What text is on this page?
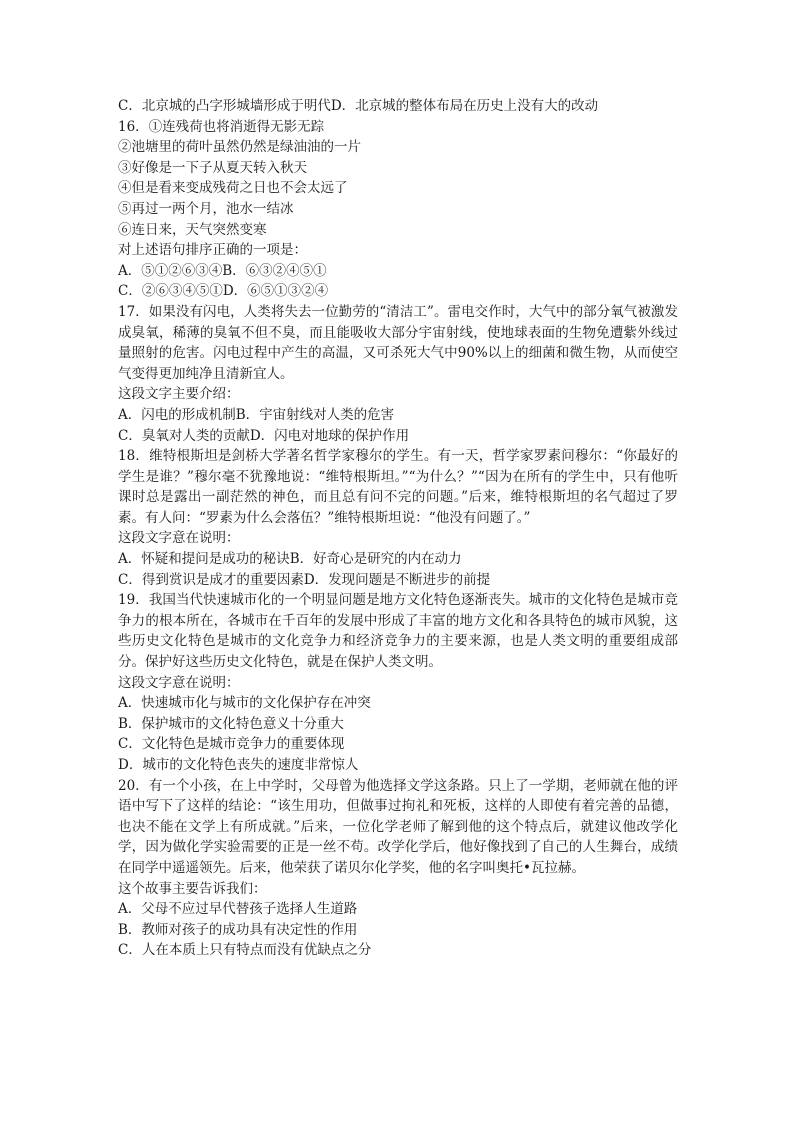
C．北京城的凸字形城墙形成于明代D．北京城的整体布局在历史上没有大的改动
16．①连残荷也将消逝得无影无踪
②池塘里的荷叶虽然仍然是绿油油的一片
③好像是一下子从夏天转入秋天
④但是看来变成残荷之日也不会太远了
⑤再过一两个月，池水一结冰
⑥连日来，天气突然变寒
对上述语句排序正确的一项是：
A．⑤①②⑥③④B．⑥③②④⑤①
C．②⑥③④⑤①D．⑥⑤①③②④
17．如果没有闪电，人类将失去一位勤劳的“清洁工”。雷电交作时，大气中的部分氧气被激发成臭氧，稀薄的臭氧不但不臭，而且能吸收大部分宇宙射线，使地球表面的生物免遭紫外线过量照射的危害。闪电过程中产生的高温，又可杀死大气中90%以上的细菌和微生物，从而使空气变得更加纯净且清新宜人。
这段文字主要介绍：
A．闪电的形成机制B．宇宙射线对人类的危害
C．臭氧对人类的贡献D．闪电对地球的保护作用
18．维特根斯坦是剑桥大学著名哲学家穆尔的学生。有一天，哲学家罗素问穆尔：“你最好的学生是谁？”穆尔毫不犹豫地说：“维特根斯坦。”“为什么？”“因为在所有的学生中，只有他听课时总是露出一副茫然的神色，而且总有问不完的问题。”后来，维特根斯坦的名气超过了罗素。有人问：“罗素为什么会落伍？”维特根斯坦说：“他没有问题了。”
这段文字意在说明：
A．怀疑和提问是成功的秘诀B．好奇心是研究的内在动力
C．得到赏识是成才的重要因素D．发现问题是不断进步的前提
19．我国当代快速城市化的一个明显问题是地方文化特色逐渐丧失。城市的文化特色是城市竞争力的根本所在，各城市在千百年的发展中形成了丰富的地方文化和各具特色的城市风貌，这些历史文化特色是城市的文化竞争力和经济竞争力的主要来源，也是人类文明的重要组成部分。保护好这些历史文化特色，就是在保护人类文明。
这段文字意在说明：
A．快速城市化与城市的文化保护存在冲突
B．保护城市的文化特色意义十分重大
C．文化特色是城市竞争力的重要体现
D．城市的文化特色丧失的速度非常惊人
20．有一个小孩，在上中学时，父母曾为他选择文学这条路。只上了一学期，老师就在他的评语中写下了这样的结论：“该生用功，但做事过拘礼和死板，这样的人即使有着完善的品德，也决不能在文学上有所成就。”后来，一位化学老师了解到他的这个特点后，就建议他改学化学，因为做化学实验需要的正是一丝不苟。改学化学后，他好像找到了自己的人生舞台，成绩在同学中遥遥领先。后来，他荣获了诺贝尔化学奖，他的名字叫奥托•瓦拉赫。
这个故事主要告诉我们：
A．父母不应过早代替孩子选择人生道路
B．教师对孩子的成功具有决定性的作用
C．人在本质上只有特点而没有优缺点之分
